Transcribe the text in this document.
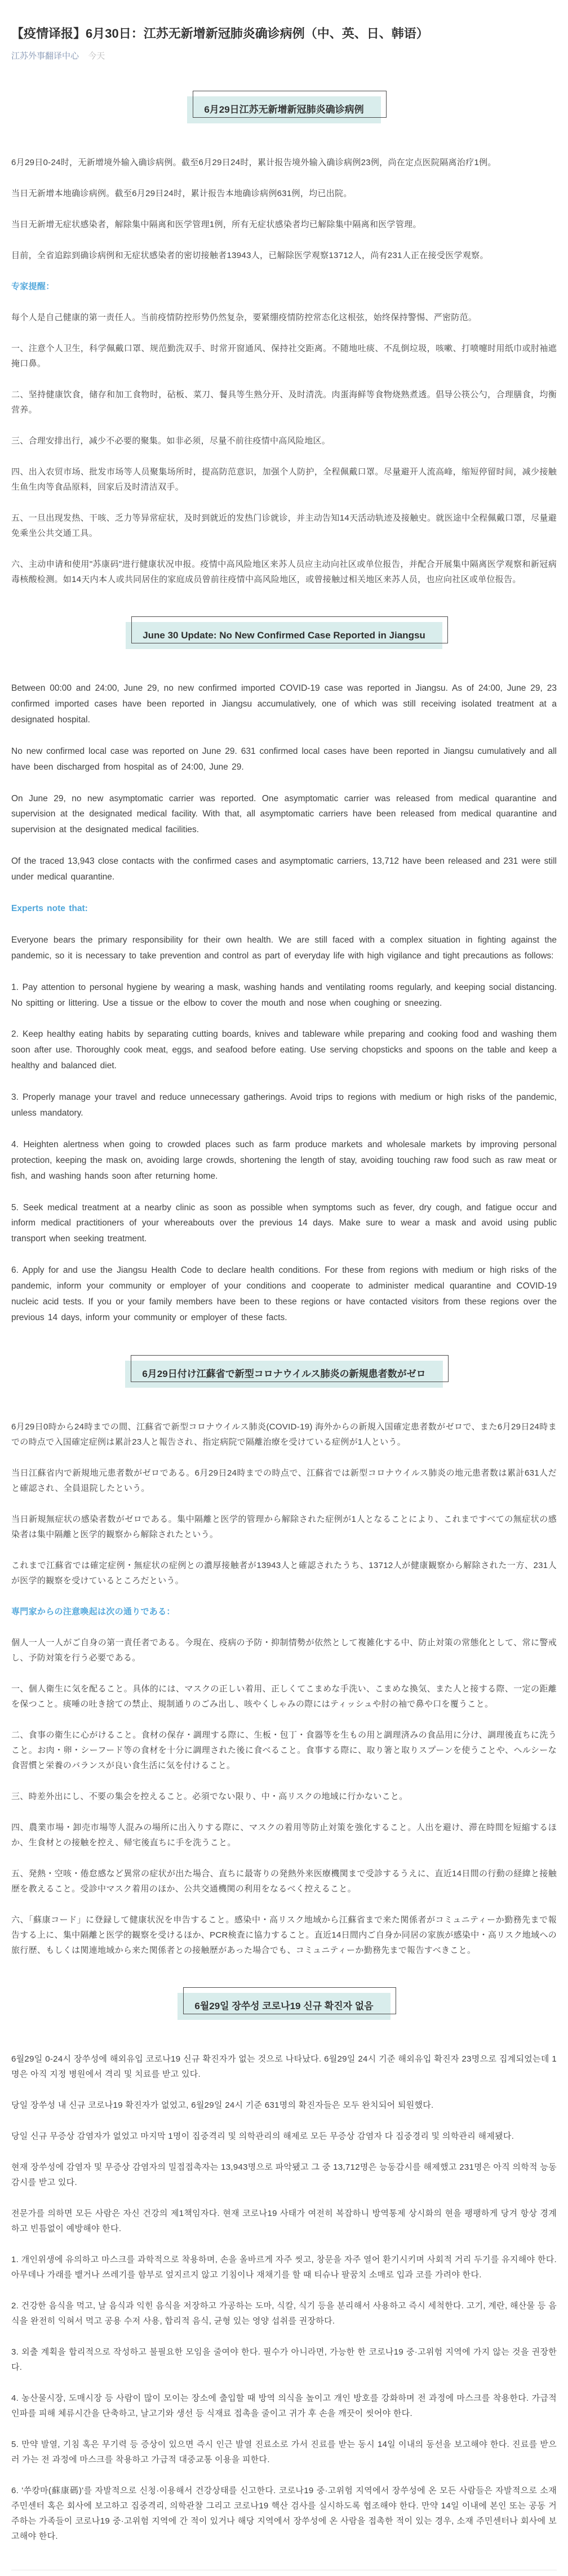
【疫情译报】6月30日：江苏无新增新冠肺炎确诊病例（中、英、日、韩语）
江苏外事翻译中心 今天
6月29日江苏无新增新冠肺炎确诊病例

6月29日0-24时，无新增境外输入确诊病例。截至6月29日24时，累计报告境外输入确诊病例23例，尚在定点医院隔离治疗1例。

当日无新增本地确诊病例。截至6月29日24时，累计报告本地确诊病例631例，均已出院。

当日无新增无症状感染者，解除集中隔离和医学管理1例，所有无症状感染者均已解除集中隔离和医学管理。

目前，全省追踪到确诊病例和无症状感染者的密切接触者13943人，已解除医学观察13712人，尚有231人正在接受医学观察。

专家提醒：

每个人是自己健康的第一责任人。当前疫情防控形势仍然复杂，要紧绷疫情防控常态化这根弦，始终保持警惕、严密防范。

一、注意个人卫生，科学佩戴口罩、规范勤洗双手、时常开窗通风、保持社交距离。不随地吐痰、不乱倒垃圾，咳嗽、打喷嚏时用纸巾或肘袖遮掩口鼻。

二、坚持健康饮食，储存和加工食物时，砧板、菜刀、餐具等生熟分开、及时清洗。肉蛋海鲜等食物烧熟煮透。倡导公筷公勺，合理膳食，均衡营养。

三、合理安排出行，减少不必要的聚集。如非必须，尽量不前往疫情中高风险地区。

四、出入农贸市场、批发市场等人员聚集场所时，提高防范意识，加强个人防护，全程佩戴口罩。尽量避开人流高峰，缩短停留时间，减少接触生鱼生肉等食品原料，回家后及时清洁双手。

五、一旦出现发热、干咳、乏力等异常症状，及时到就近的发热门诊就诊，并主动告知14天活动轨迹及接触史。就医途中全程佩戴口罩，尽量避免乘坐公共交通工具。

六、主动申请和使用"苏康码"进行健康状况申报。疫情中高风险地区来苏人员应主动向社区或单位报告，并配合开展集中隔离医学观察和新冠病毒核酸检测。如14天内本人或共同居住的家庭成员曾前往疫情中高风险地区，或曾接触过相关地区来苏人员，也应向社区或单位报告。

June 30 Update: No New Confirmed Case Reported in Jiangsu

Between 00:00 and 24:00, June 29, no new confirmed imported COVID-19 case was reported in Jiangsu. As of 24:00, June 29, 23 confirmed imported cases have been reported in Jiangsu accumulatively, one of which was still receiving isolated treatment at a designated hospital.

No new confirmed local case was reported on June 29. 631 confirmed local cases have been reported in Jiangsu cumulatively and all have been discharged from hospital as of 24:00, June 29.

On June 29, no new asymptomatic carrier was reported. One asymptomatic carrier was released from medical quarantine and supervision at the designated medical facility. With that, all asymptomatic carriers have been released from medical quarantine and supervision at the designated medical facilities.

Of the traced 13,943 close contacts with the confirmed cases and asymptomatic carriers, 13,712 have been released and 231 were still under medical quarantine.

Experts note that:

Everyone bears the primary responsibility for their own health. We are still faced with a complex situation in fighting against the pandemic, so it is necessary to take prevention and control as part of everyday life with high vigilance and tight precautions as follows:

1. Pay attention to personal hygiene by wearing a mask, washing hands and ventilating rooms regularly, and keeping social distancing. No spitting or littering. Use a tissue or the elbow to cover the mouth and nose when coughing or sneezing.

2. Keep healthy eating habits by separating cutting boards, knives and tableware while preparing and cooking food and washing them soon after use. Thoroughly cook meat, eggs, and seafood before eating. Use serving chopsticks and spoons on the table and keep a healthy and balanced diet.

3. Properly manage your travel and reduce unnecessary gatherings. Avoid trips to regions with medium or high risks of the pandemic, unless mandatory.

4. Heighten alertness when going to crowded places such as farm produce markets and wholesale markets by improving personal protection, keeping the mask on, avoiding large crowds, shortening the length of stay, avoiding touching raw food such as raw meat or fish, and washing hands soon after returning home.

5. Seek medical treatment at a nearby clinic as soon as possible when symptoms such as fever, dry cough, and fatigue occur and inform medical practitioners of your whereabouts over the previous 14 days. Make sure to wear a mask and avoid using public transport when seeking treatment.

6. Apply for and use the Jiangsu Health Code to declare health conditions. For these from regions with medium or high risks of the pandemic, inform your community or employer of your conditions and cooperate to administer medical quarantine and COVID-19 nucleic acid tests. If you or your family members have been to these regions or have contacted visitors from these regions over the previous 14 days, inform your community or employer of these facts.

6月29日付け江蘇省で新型コロナウイルス肺炎の新規患者数がゼロ

6月29日0時から24時までの間、江蘇省で新型コロナウイルス肺炎(COVID-19) 海外からの新規入国確定患者数がゼロで、また6月29日24時までの時点で入国確定症例は累計23人と報告され、指定病院で隔離治療を受けている症例が1人という。

当日江蘇省内で新規地元患者数がゼロである。6月29日24時までの時点で、江蘇省では新型コロナウイルス肺炎の地元患者数は累計631人だと確認され、全員退院したという。

当日新規無症状の感染者数がゼロである。集中隔離と医学的管理から解除された症例が1人となることにより、これまですべての無症状の感染者は集中隔離と医学的観察から解除されたという。

これまで江蘇省では確定症例・無症状の症例との濃厚接触者が13943人と確認されたうち、13712人が健康観察から解除された一方、231人が医学的観察を受けているところだという。

専門家からの注意喚起は次の通りである：

個人一人一人がご自身の第一責任者である。今現在、疫病の予防・抑制情勢が依然として複雑化する中、防止対策の常態化として、常に警戒し、予防対策を行う必要である。

一、個人衛生に気を配ること。具体的には、マスクの正しい着用、正しくてこまめな手洗い、こまめな換気、また人と接する際、一定の距離を保つこと。痰唾の吐き捨ての禁止、規制通りのごみ出し、咳やくしゃみの際にはティッシュや肘の袖で鼻や口を覆うこと。

二、食事の衛生に心がけること。食材の保存・調理する際に、生板・包丁・食器等を生もの用と調理済みの食品用に分け、調理後直ちに洗うこと。お肉・卵・シーフード等の食材を十分に調理された後に食べること。食事する際に、取り箸と取りスプーンを使うことや、ヘルシーな食習慣と栄養のバランスが良い食生活に気を付けること。

三、時差外出にし、不要の集会を控えること。必須でない限り、中・高リスクの地域に行かないこと。

四、農業市場・卸売市場等人混みの場所に出入りする際に、マスクの着用等防止対策を強化すること。人出を避け、滞在時間を短縮するほか、生食材との接触を控え、帰宅後直ちに手を洗うこと。

五、発熱・空咳・倦怠感など異常の症状が出た場合、直ちに最寄りの発熱外来医療機関まで受診するうえに、直近14日間の行動の経緯と接触歴を教えること。受診中マスク着用のほか、公共交通機関の利用をなるべく控えること。

六、「蘇康コード」に登録して健康状況を申告すること。感染中・高リスク地域から江蘇省まで来た関係者がコミュニティーか勤務先まで報告する上に、集中隔離と医学的観察を受けるほか、PCR検査に協力すること。直近14日間内ご自身か同居の家族が感染中・高リスク地域への旅行歴、もしくは関連地域から来た関係者との接触歴があった場合でも、コミュニティーか勤務先まで報告すべきこと。

6월29일 장쑤성 코로나19 신규 확진자 없음

6월29일 0-24시 장쑤성에 해외유입 코로나19 신규 확진자가 없는 것으로 나타났다. 6월29일 24시 기준 해외유입 확진자 23명으로 집계되었는데 1명은 아직 지정 병원에서 격리 및 치료를 받고 있다.

당일 장쑤성 내 신규 코로나19 확진자가 없었고, 6월29일 24시 기준 631명의 확진자들은 모두 완치되어 퇴원했다.

당일 신규 무증상 감염자가 없었고 마지막 1명이 집중격리 및 의학관리의 해제로 모든 무증상 감염자 다 집중경리 및 의학관리 해제됐다.

현재 장쑤성에 감염자 및 무증상 감염자의 밀접접촉자는 13,943명으로 파악됐고 그 중 13,712명은 능동감시를 해제했고 231명은 아직 의학적 능동감시를 받고 있다.

전문가를 의하면 모든 사람은 자신 건강의 제1책임자다. 현재 코로나19 사태가 여전히 복잡하니 방역통제 상시화의 현을 팽팽하게 당겨 항상 경계하고 빈틈없이 예방해야 한다.

1. 개인위생에 유의하고 마스크를 과학적으로 착용하며, 손을 올바르게 자주 씻고, 창문을 자주 열어 환기시키며 사회적 거리 두기를 유지해야 한다. 아무데나 가래를 뱉거나 쓰레기를 함부로 엎지르지 않고 기침이나 재채기를 할 때 티슈나 팔꿈치 소매로 입과 코를 가려야 한다.

2. 건강한 음식을 먹고, 날 음식과 익힌 음식을 저장하고 가공하는 도마, 식칼, 식기 등을 분리해서 사용하고 즉시 세척한다. 고기, 계란, 해산물 등 음식을 완전히 익혀서 먹고 공용 수저 사용, 합리적 음식, 균형 있는 영양 섭취를 권장하다.

3. 외출 계획을 합리적으로 작성하고 불필요한 모임을 줄여야 한다. 필수가 아니라면, 가능한 한 코로나19 중·고위험 지역에 가지 않는 것을 권장한다.

4. 농산물시장, 도매시장 등 사람이 많이 모이는 장소에 출입할 때 방역 의식을 높이고 개인 방호를 강화하며 전 과정에 마스크를 착용한다. 가급적 인파를 피해 체류시간을 단축하고, 날고기와 생선 등 식재료 접촉을 줄이고 귀가 후 손을 깨끗이 씻어야 한다.

5. 만약 발열, 기침 혹은 무기력 등 증상이 있으면 즉시 인근 발열 진료소로 가서 진료를 받는 동시 14일 이내의 동선을 보고해야 한다. 진료를 받으러 가는 전 과정에 마스크를 착용하고 가급적 대중교통 이용을 피한다.

6. '쑤캉마(蘇康碼)'를 자발적으로 신청·이용해서 건강상태를 신고한다. 코로나19 중·고위험 지역에서 장쑤성에 온 모든 사람들은 자발적으로 소재 주민센터 혹은 회사에 보고하고 집중격리, 의학관찰 그리고 코로나19 핵산 검사를 실시하도록 협조해야 한다. 만약 14일 이내에 본인 또는 공동 거주하는 가족들이 코로나19 중·고위험 지역에 간 적이 있거나 해당 지역에서 장쑤성에 온 사람을 접촉한 적이 있는 경우, 소재 주민센터나 회사에 보고해야 한다.
